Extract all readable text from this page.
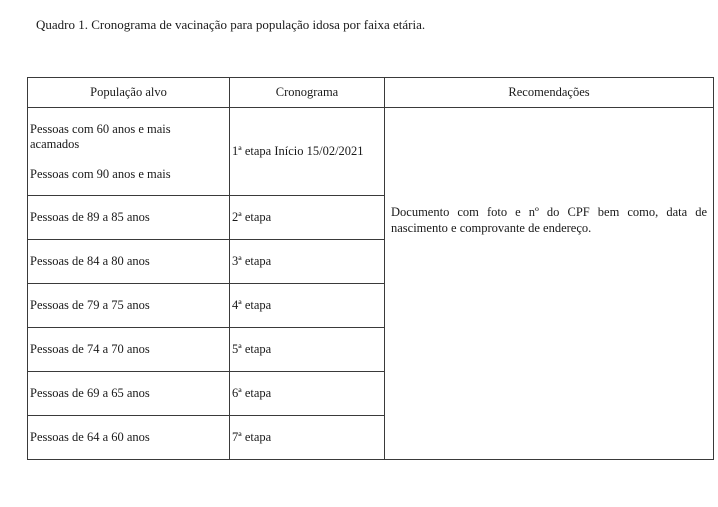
Quadro 1. Cronograma de vacinação para população idosa por faixa etária.
População alvo	Cronograma	Recomendações

Pessoas com 60 anos e mais
acamados
Pessoas com 90 anos e mais	1ª etapa Início 15/02/2021	Documento com foto e nº do CPF bem como, data de nascimento e comprovante de endereço.
Pessoas de 89 a 85 anos	2ª etapa	
Pessoas de 84 a 80 anos	3ª etapa	
Pessoas de 79 a 75 anos	4ª etapa	
Pessoas de 74 a 70 anos	5ª etapa	
Pessoas de 69 a 65 anos	6ª etapa	
Pessoas de 64 a 60 anos	7ª etapa	
